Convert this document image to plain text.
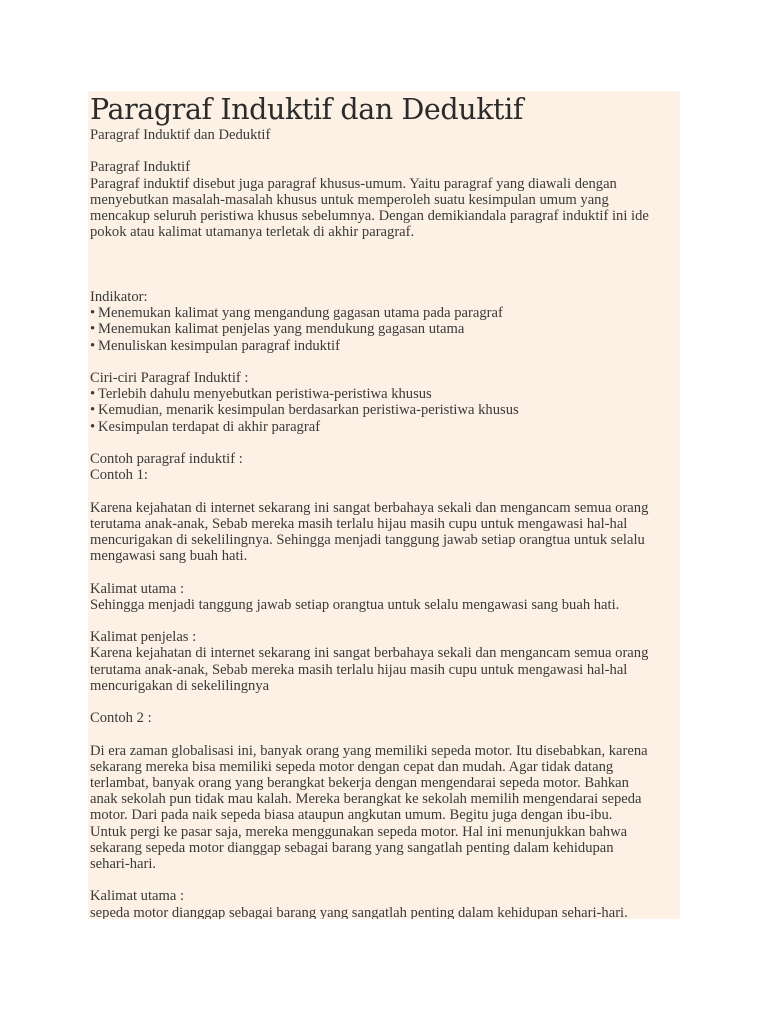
Paragraf Induktif dan Deduktif
Paragraf Induktif dan Deduktif
Paragraf Induktif
Paragraf induktif disebut juga paragraf khusus-umum. Yaitu paragraf yang diawali dengan
menyebutkan masalah-masalah khusus untuk memperoleh suatu kesimpulan umum yang
mencakup seluruh peristiwa khusus sebelumnya. Dengan demikiandala paragraf induktif ini ide
pokok atau kalimat utamanya terletak di akhir paragraf.
Indikator:
• Menemukan kalimat yang mengandung gagasan utama pada paragraf
• Menemukan kalimat penjelas yang mendukung gagasan utama
• Menuliskan kesimpulan paragraf induktif
Ciri-ciri Paragraf Induktif :
• Terlebih dahulu menyebutkan peristiwa-peristiwa khusus
• Kemudian, menarik kesimpulan berdasarkan peristiwa-peristiwa khusus
• Kesimpulan terdapat di akhir paragraf
Contoh paragraf induktif :
Contoh 1:
Karena kejahatan di internet sekarang ini sangat berbahaya sekali dan mengancam semua orang
terutama anak-anak, Sebab mereka masih terlalu hijau masih cupu untuk mengawasi hal-hal
mencurigakan di sekelilingnya. Sehingga menjadi tanggung jawab setiap orangtua untuk selalu
mengawasi sang buah hati.
Kalimat utama :
Sehingga menjadi tanggung jawab setiap orangtua untuk selalu mengawasi sang buah hati.
Kalimat penjelas :
Karena kejahatan di internet sekarang ini sangat berbahaya sekali dan mengancam semua orang
terutama anak-anak, Sebab mereka masih terlalu hijau masih cupu untuk mengawasi hal-hal
mencurigakan di sekelilingnya
Contoh 2 :
Di era zaman globalisasi ini, banyak orang yang memiliki sepeda motor. Itu disebabkan, karena
sekarang mereka bisa memiliki sepeda motor dengan cepat dan mudah. Agar tidak datang
terlambat, banyak orang yang berangkat bekerja dengan mengendarai sepeda motor. Bahkan
anak sekolah pun tidak mau kalah. Mereka berangkat ke sekolah memilih mengendarai sepeda
motor. Dari pada naik sepeda biasa ataupun angkutan umum. Begitu juga dengan ibu-ibu.
Untuk pergi ke pasar saja, mereka menggunakan sepeda motor. Hal ini menunjukkan bahwa
sekarang sepeda motor dianggap sebagai barang yang sangatlah penting dalam kehidupan
sehari-hari.
Kalimat utama :
sepeda motor dianggap sebagai barang yang sangatlah penting dalam kehidupan sehari-hari.
